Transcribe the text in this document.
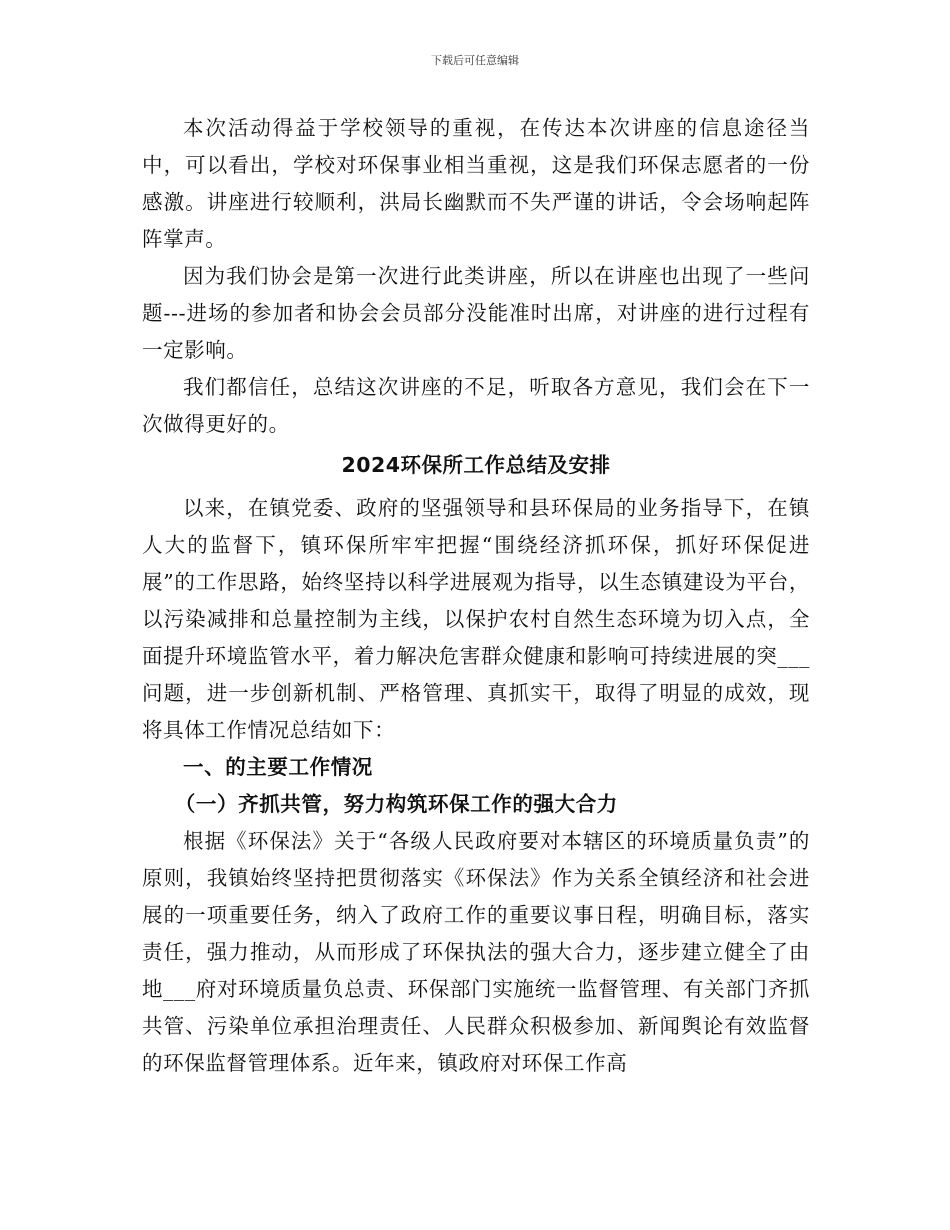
下载后可任意编辑

本次活动得益于学校领导的重视，在传达本次讲座的信息途径当中，可以看出，学校对环保事业相当重视，这是我们环保志愿者的一份感激。讲座进行较顺利，洪局长幽默而不失严谨的讲话，令会场响起阵阵掌声。

因为我们协会是第一次进行此类讲座，所以在讲座也出现了一些问题---进场的参加者和协会会员部分没能准时出席，对讲座的进行过程有一定影响。

我们都信任，总结这次讲座的不足，听取各方意见，我们会在下一次做得更好的。

2024环保所工作总结及安排

以来，在镇党委、政府的坚强领导和县环保局的业务指导下，在镇人大的监督下，镇环保所牢牢把握“围绕经济抓环保，抓好环保促进展”的工作思路，始终坚持以科学进展观为指导，以生态镇建设为平台，以污染减排和总量控制为主线，以保护农村自然生态环境为切入点，全面提升环境监管水平，着力解决危害群众健康和影响可持续进展的突___问题，进一步创新机制、严格管理、真抓实干，取得了明显的成效，现将具体工作情况总结如下：

一、的主要工作情况

（一）齐抓共管，努力构筑环保工作的强大合力

根据《环保法》关于“各级人民政府要对本辖区的环境质量负责”的原则，我镇始终坚持把贯彻落实《环保法》作为关系全镇经济和社会进展的一项重要任务，纳入了政府工作的重要议事日程，明确目标，落实责任，强力推动，从而形成了环保执法的强大合力，逐步建立健全了由地___府对环境质量负总责、环保部门实施统一监督管理、有关部门齐抓共管、污染单位承担治理责任、人民群众积极参加、新闻舆论有效监督的环保监督管理体系。近年来，镇政府对环保工作高
